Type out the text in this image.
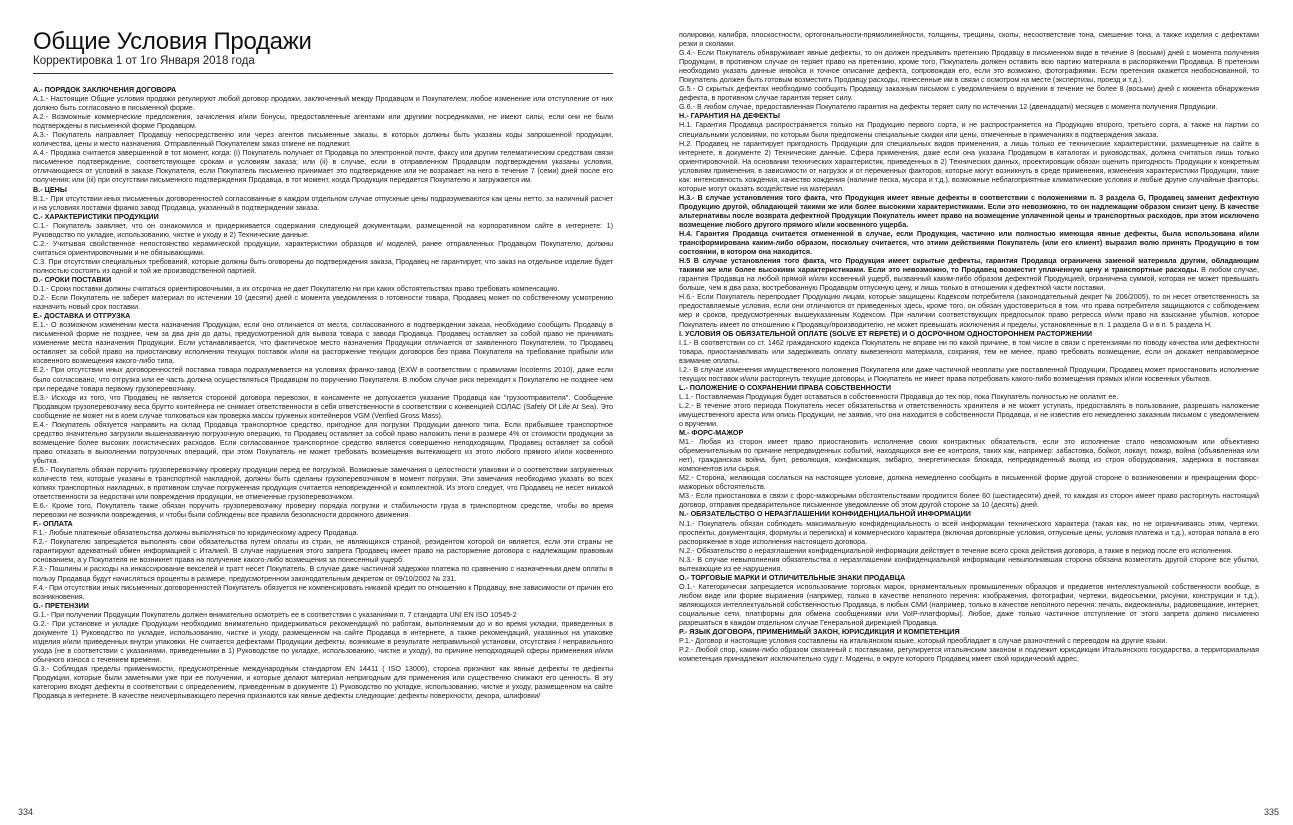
Общие Условия Продажи
Корректировка 1 от 1го Января 2018 года
A.- ПОРЯДОК ЗАКЛЮЧЕНИЯ ДОГОВОРА

A.1.- Настоящие Общие условия продажи регулируют любой договор продажи, заключенный между Продавцом и Покупателем; любое изменение или отступление от них должно быть согласовано в письменной форме.

A.2.- Возможные коммерческие предложения, зачисления и/или бонусы, предоставленные агентами или другими посредниками, не имеют силы, если они не были подтверждены в письменной форме Продавцом.

A.3.- Покупатель направляет Продавцу непосредственно или через агентов письменные заказы, в которых должны быть указаны коды запрошенной продукции, количества, цены и место назначения. Отправленный Покупателем заказ отмене не подлежит.

A.4.- Продажа считается завершенной в тот момент, когда: (i) Покупатель получает от Продавца по электронной почте, факсу или другим телематическим средствам связи письменное подтверждение, соответствующее срокам и условиям заказа; или (ii) в случае, если в отправленном Продавцом подтверждении указаны условия, отличающиеся от условий в заказе Покупателя, если Покупатель письменно принимает это подтверждение или не возражает на него в течение 7 (семи) дней после его получения; или (iii) при отсутствии письменного подтверждения Продавца, в тот момент, когда Продукция передается Покупателю и загружается им.

B.- ЦЕНЫ

B.1.- При отсутствии иных письменных договоренностей согласованные в каждом отдельном случае отпускные цены подразумеваются как цены нетто, за наличный расчет и на условиях поставки франко завод Продавца, указанный в подтверждении заказа.

C.- ХАРАКТЕРИСТИКИ ПРОДУКЦИИ

C.1.- Покупатель заявляет, что он ознакомился и придерживается содержания следующей документации, размещенной на корпоративном сайте в интернете: 1) Руководство по укладке, использованию, чистке и уходу и 2) Технические данные.

C.2.- Учитывая свойственное непостоянство керамической продукции, характеристики образцов и/ моделей, ранее отправленных Продавцом Покупателю, должны считаться ориентировочными и не обязывающими.

C.3. При отсутствии специальных требований, которые должны быть оговорены до подтверждения заказа, Продавец не гарантирует, что заказ на отдельное изделие будет полностью состоять из одной и той же производственной партией.

D.- СРОКИ ПОСТАВКИ

D.1.- Сроки поставки должны считаться ориентировочными, а их отсрочка не дает Покупателю ни при каких обстоятельствах право требовать компенсацию.

D.2.- Если Покупатель не заберет материал по истечении 10 (десяти) дней с момента уведомления о готовности товара, Продавец может по собственному усмотрению назначить новый срок поставки.

E.- ДОСТАВКА И ОТГРУЗКА

E.1.- О возможном изменении места назначения Продукции, если оно отличается от места, согласованного в подтверждении заказа, необходимо сообщить Продавцу в письменной форме не позднее, чем за два дня до даты, предусмотренной для вывоза товара с завода Продавца. Продавец оставляет за собой право не принимать изменение места назначения Продукции. Если устанавливается, что фактическое место назначения Продукции отличается от заявленного Покупателем, то Продавец оставляет за собой право на приостановку исполнения текущих поставок и/или на расторжение текущих договоров без права Покупателя на требование прибыли или косвенного возмещения какого-либо типа.

E.2.- При отсутствии иных договоренностей поставка товара подразумевается на условиях франко-завод (EXW в соответствии с правилами Incoterms 2010), даже если было согласовано, что отгрузка или ее часть должна осуществляться Продавцом по поручению Покупателя. В любом случае риск переходит к Покупателю не позднее чем при передаче товара первому грузоперевозчику.

E.3.- Исходя из того, что Продавец не является стороной договора перевозки, в консаменте не допускается указание Продавца как "грузоотправителя". Сообщение Продавцом грузоперевозчику веса брутто контейнера не снимает ответственности в себя ответственности в соответствии с конвенцией СОЛАС (Safety Of Life At Sea). Это сообщение не может ни в коем случае толковаться как проверка массы груженых контейнеров VGM (Verified Gross Mass).

E.4.- Покупатель обязуется направить на склад Продавца транспортное средство, пригодное для погрузки Продукции данного типа. Если прибывшее транспортное средство значительно загрузили вышеназванную погрузочную операцию, то Продавец оставляет за собой право наложить пени в размере 4% от стоимости продукции за возмещение более высоких логистических расходов. Если согласованное транспортное средство является совершенно неподходящим, Продавец оставляет за собой право отказать в выполнении погрузочных операций, при этом Покупатель не может требовать возмещения вытекающего из этого любого прямого и/или косвенного убытка.

E.5.- Покупатель обязан поручить грузоперевозчику проверку продукции перед ее погрузкой. Возможные замечания о целостности упаковки и о соответствии загруженных количеств тем, которые указаны в транспортной накладной, должны быть сделаны грузоперевозчиком в момент погрузки. Эти замечания необходимо указать во всех копиях транспортных накладных, в противном случае погруженная продукция считается неповрежденной и комплектной. Из этого следует, что Продавец не несет никакой ответственности за недостачи или повреждения продукции, не отмеченные грузоперевозчиком.

E.6.- Кроме того, Покупатель также обязан поручить грузоперевозчику проверку порядка погрузки и стабильности груза в транспортном средстве, чтобы во время перевозки не возникли повреждения, и чтобы были соблюдены все правила безопасности дорожного движения.

F.- ОПЛАТА

F.1.- Любые платежные обязательства должны выполняться по юридическому адресу Продавца.

F.2.- Покупателю запрещается выполнять свои обязательства путем оплаты из стран, не являющихся страной, резидентом которой он является, если эти страны не гарантируют адекватный обмен информацией с Италией. В случае нарушения этого запрета Продавец имеет право на расторжение договора с надлежащим правовым основанием, а у Покупателя не возникнет права на получение какого-либо возмещения за понесенный ущерб.

F.3.- Пошлины и расходы на инкассирование векселей и тратт несет Покупатель. В случае даже частичной задержки платежа по сравнению с назначенным днем оплаты в пользу Продавца будут начисляться проценты в размере, предусмотренном законодательным декретом от 09/10/2002 № 231.

F.4.- При отсутствии иных письменных договоренностей Покупатель обязуется не компенсировать никакой кредит по отношению к Продавцу, вне зависимости от причин его возникновения.

G.- ПРЕТЕНЗИИ

G.1.- При получении Продукции Покупатель должен внимательно осмотреть ее в соответствии с указаниями п. 7 стандарта UNI EN ISO 10545-2

G.2.- При установке и укладке Продукции необходимо внимательно придерживаться рекомендаций по работам, выполняемым до и во время укладки, приведенных в документе 1) Руководство по укладке, использованию, чистке и уходу, размещенном на сайте Продавца в интернете, а также рекомендаций, указанных на упаковке изделия и/или приведенных внутри упаковки. Не считается дефектами Продукции дефекты, возникшие в результате неправильной установки, отсутствия / неправильного ухода (не в соответствии с указаниями, приведенными в 1) Руководстве по укладке, использованию, чистке и уходу), по причине неподходящей сферы применения и/или обычного износа с течением времени.

G.3.- Соблюдая пределы применимости, предусмотренные международным стандартом EN 14411 ( ISO 13006), сторона признают как явные дефекты те дефекты Продукции, которые были заметными уже при ее получении, и которые делают материал непригодным для применения или существенно снижают его ценность. В эту категорию входят дефекты в соответствии с определением, приведенным в документе 1) Руководство по укладке, использованию, чистке и уходу, размещенном на сайте Продавца в интернете. В качестве неисчерпывающего перечня признаются как явные дефекты следующие: дефекты поверхности, декора, шлифовки/

334

полировки, калибра, плоскостности, ортогональности-прямолинейности, толщины, трещины, сколы, несоответствие тона, смешение тона, а также изделия с дефектами резки и сколами.

G.4.- Если Покупатель обнаруживает явные дефекты, то он должен предъявить претензию Продавцу в письменном виде в течение 8 (восьми) дней с момента получения Продукции, в противном случае он теряет право на претензию, кроме того, Покупатель должен оставить всю партию материала в распоряжении Продавца. В претензии необходимо указать данные инвойса и точное описание дефекта, сопровождая его, если это возможно, фотографиями. Если претензия окажется необоснованной, то Покупатель должен быть готовым возместить Продавцу расходы, понесенные им в связи с осмотром на месте (экспертизы, проезд и т.д.).

G.5.- О скрытых дефектах необходимо сообщить Продавцу заказным письмом с уведомлением о вручении в течение не более 8 (восьми) дней с момента обнаружения дефекта, в противном случае гарантия теряет силу.

G.6.- В любом случае, предоставленная Покупателю гарантия на дефекты теряет силу по истечении 12 (двенадцати) месяцев с момента получения Продукции.

H.- ГАРАНТИЯ НА ДЕФЕКТЫ

H.1. Гарантия Продавца распространяется только на Продукцию первого сорта, и не распространяется на Продукцию второго, третьего сорта, а также на партии со специальными условиями, по которым были предложены специальные скидки или цены, отмеченные в примечаниях в подтверждения заказа.

H.2. Продавец не гарантирует пригодность Продукции для специальных видов применения, а лишь только ее технические характеристики, размещенные на сайте в интернете, в документе 2) Технические данные. Сфера применения, даже если она указана Продавцом в каталогах и руководствах, должна считаться лишь только ориентировочной. На основании технических характеристик, приведенных в 2) Технических данных, проектировщик обязан оценить пригодность Продукции к конкретным условиям применения, в зависимости от нагрузок и от переменных факторов, которые могут возникнуть в среде применения, изменения характеристики Продукции, такие как: интенсивность хождения, качество хождения (наличие песка, мусора и т.д.), возможные неблагоприятные климатические условия и любые другие случайные факторы, которые могут оказать воздействие на материал.

H.3.- В случае установления того факта, что Продукция имеет явные дефекты в соответствии с положениями п. 3 раздела G, Продавец заменит дефектную Продукцию другой, обладающей такими же или более высокими характеристиками. Если это невозможно, то он надлежащим образом снизит цену. В качестве альтернативы после возврата дефектной Продукции Покупатель имеет право на возмещение уплаченной цены и транспортных расходов, при этом исключено возмещение любого другого прямого и/или косвенного ущерба.

H.4. Гарантия Продавца считается отмененной в случае, если Продукция, частично или полностью имеющая явные дефекты, была использована и/или трансформирована каким-либо образом, поскольку считается, что этими действиями Покупатель (или его клиент) выразил волю принять Продукцию в том состоянии, в котором она находится.

H.5 В случае установления того факта, что Продукция имеет скрытые дефекты, гарантия Продавца ограничена заменой материала другим, обладающим такими же или более высокими характеристиками. Если это невозможно, то Продавец возместит уплаченную цену и транспортные расходы. В любом случае, гарантия Продавца на любой прямой и/или косвенный ущерб, вызванный каким-либо образом дефектной Продукцией, ограничена суммой, которая не может превышать больше, чем в два раза, востребованную Продавцом отпускную цену, и лишь только в отношении к дефектной части поставки.

H.6.- Если Покупатель перепродает Продукцию лицам, которые защищены Кодексом потребителя (законодательный декрет № 206/2005), то он несет ответственность за предоставляемые условия, если они отличаются от приведенных здесь, кроме того, он обязан удостовериться в том, что права потребителя защищаются с соблюдением мер и сроков, предусмотренных вышеуказанным Кодексом. При наличии соответствующих предпосылок право регресса и/или право на взыскание убытков, которое Покупатель имеет по отношению к Продавцу/производителю, не может превышать исключения и пределы, установленные в п. 1 раздела G и в п. 5 раздела H.

I. УСЛОВИЯ ОБ ОБЯЗАТЕЛЬНОЙ ОПЛАТЕ (SOLVE ET REPETE) И О ДОСРОЧНОМ ОДНОСТОРОННЕМ РАСТОРЖЕНИИ

I.1.- В соответствии со ст. 1462 гражданского кодекса Покупатель не вправе ни по какой причине, в том числе в связи с претензиями по поводу качества или дефектности товара, приостанавливать или задерживать оплату вывезенного материала, сохраняя, тем не менее, право требовать возмещение, если он докажет неправомерное взимание оплаты.

I.2.- В случае изменения имущественного положения Покупателя или даже частичной неоплаты уже поставленной Продукции, Продавец может приостановить исполнение текущих поставок и/или расторгнуть текущие договоры, и Покупатель не имеет права потребовать какого-либо возмещения прямых и/или косвенных убытков.

L.- ПОЛОЖЕНИЕ О СОХРАНЕНИИ ПРАВА СОБСТВЕННОСТИ

L.1.- Поставляемая Продукция будет оставаться в собственности Продавца до тех пор, пока Покупатель полностью не оплатит ее.

L.2.- В течение этого периода Покупатель несет обязательства и ответственность хранителя и не может уступать, предоставлять в пользование, разрешать наложение имущественного ареста или опись Продукции, не заявив, что она находится в собственности Продавца, и не известив его немедленно заказным письмом с уведомлением о вручении.

M.- ФОРС-МАЖОР

M1.- Любая из сторон имеет право приостановить исполнение своих контрактных обязательств, если это исполнение стало невозможным или объективно обременительным по причине непредвиденных событий, находящихся вне ее контроля, таких как, например: забастовка, бойкот, локаут, пожар, война (объявленная или нет), гражданская война, бунт, революция, конфискация, эмбарго, энергетическая блокада, непредвиденный выход из строя оборудования, задержка в поставках компонентов или сырья.

M2.- Сторона, желающая сослаться на настоящее условие, должна немедленно сообщить в письменной форме другой стороне о возникновении и прекращении форс-мажорных обстоятельств.

M3.- Если приостановка в связи с форс-мажорными обстоятельствами продлится более 60 (шестидесяти) дней, то каждая из сторон имеет право расторгнуть настоящий договор, отправив предварительное письменное уведомление об этом другой стороне за 10 (десять) дней.

N.- ОБЯЗАТЕЛЬСТВО О НЕРАЗГЛАШЕНИИ КОНФИДЕНЦИАЛЬНОЙ ИНФОРМАЦИИ

N.1.- Покупатель обязан соблюдать максимальную конфиденциальность о всей информации технического характера (такая как, но не ограничиваясь этим, чертежи, проспекты, документация, формулы и переписка) и коммерческого характера (включая договорные условия, отпускные цены, условия платежа и т.д.), которая попала в его распоряжение в ходе исполнения настоящего договора.

N.2.- Обязательство о неразглашении конфиденциальной информации действует в течение всего срока действия договора, а также в период после его исполнения.

N.3.- В случае невыполнения обязательства о неразглашении конфиденциальной информации невыполнившая сторона обязана возместить другой стороне все убытки, вытекающие из ее нарушения.

O.- ТОРГОВЫЕ МАРКИ И ОТЛИЧИТЕЛЬНЫЕ ЗНАКИ ПРОДАВЦА

O.1.- Категорически запрещается использование торговых марок, орнаментальных промышленных образцов и предметов интеллектуальной собственности вообще, в любом виде или форме выражения (например, только в качестве неполного перечня: изображения, фотографии, чертежи, видеосъемки, рисунки, конструкции и т.д.), являющихся интеллектуальной собственностью Продавца, в любых СМИ (например, только в качестве неполного перечня: печать, видеоканалы, радиовещание, интернет, социальные сети, платформы для обмена сообщениями или VoIP-платформы). Любое, даже только частичное отступление от этого запрета должно письменно разрешаться в каждом отдельном случае Генеральной дирекцией Продавца.

P.- ЯЗЫК ДОГОВОРА, ПРИМЕНИМЫЙ ЗАКОН, ЮРИСДИКЦИЯ И КОМПЕТЕНЦИЯ

P.1.- Договор и настоящие условия составлены на итальянском языке, который преобладает в случае разночтений с переводом на другие языки.

P.2.- Любой спор, каким-либо образом связанный с поставками, регулируется итальянским законом и подлежит юрисдикции Итальянского государства, а территориальная компетенция принадлежит исключительно суду г. Модены, в округе которого Продавец имеет свой юридический адрес.

335
